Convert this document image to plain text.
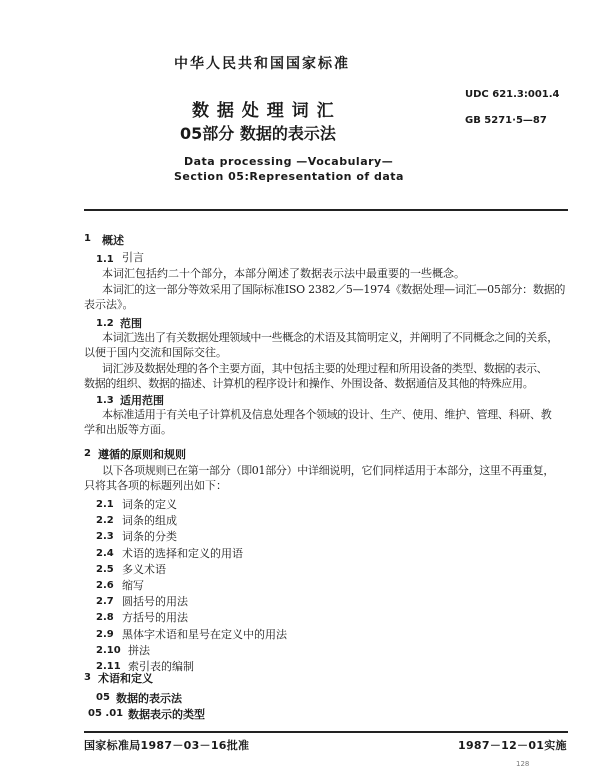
中华人民共和国国家标准
UDC 621.3:001.4
GB 5271·5—87
数 据 处 理 词 汇
05部分 数据的表示法
Data processing —Vocabulary—
Section 05:Representation of data
1 概述
1.1 引言
本词汇包括约二十个部分，本部分阐述了数据表示法中最重要的一些概念。
本词汇的这一部分等效采用了国际标准ISO 2382／5—1974《数据处理—词汇—05部分：数据的
表示法》。
1.2 范围
本词汇选出了有关数据处理领域中一些概念的术语及其简明定义，并阐明了不同概念之间的关系，
以便于国内交流和国际交往。
词汇涉及数据处理的各个主要方面，其中包括主要的处理过程和所用设备的类型、数据的表示、
数据的组织、数据的描述、计算机的程序设计和操作、外围设备、数据通信及其他的特殊应用。
1.3 适用范围
本标准适用于有关电子计算机及信息处理各个领域的设计、生产、使用、维护、管理、科研、教
学和出版等方面。
2 遵循的原则和规则
以下各项规则已在第一部分（即01部分）中详细说明，它们同样适用于本部分，这里不再重复，
只将其各项的标题列出如下：
2.1 词条的定义
2.2 词条的组成
2.3 词条的分类
2.4 术语的选择和定义的用语
2.5 多义术语
2.6 缩写
2.7 圆括号的用法
2.8 方括号的用法
2.9 黑体字术语和星号在定义中的用法
2.10 拼法
2.11 索引表的编制
3 术语和定义
05 数据的表示法
05 .01 数据表示的类型
国家标准局1987－03－16批准	1987－12－01实施
128
